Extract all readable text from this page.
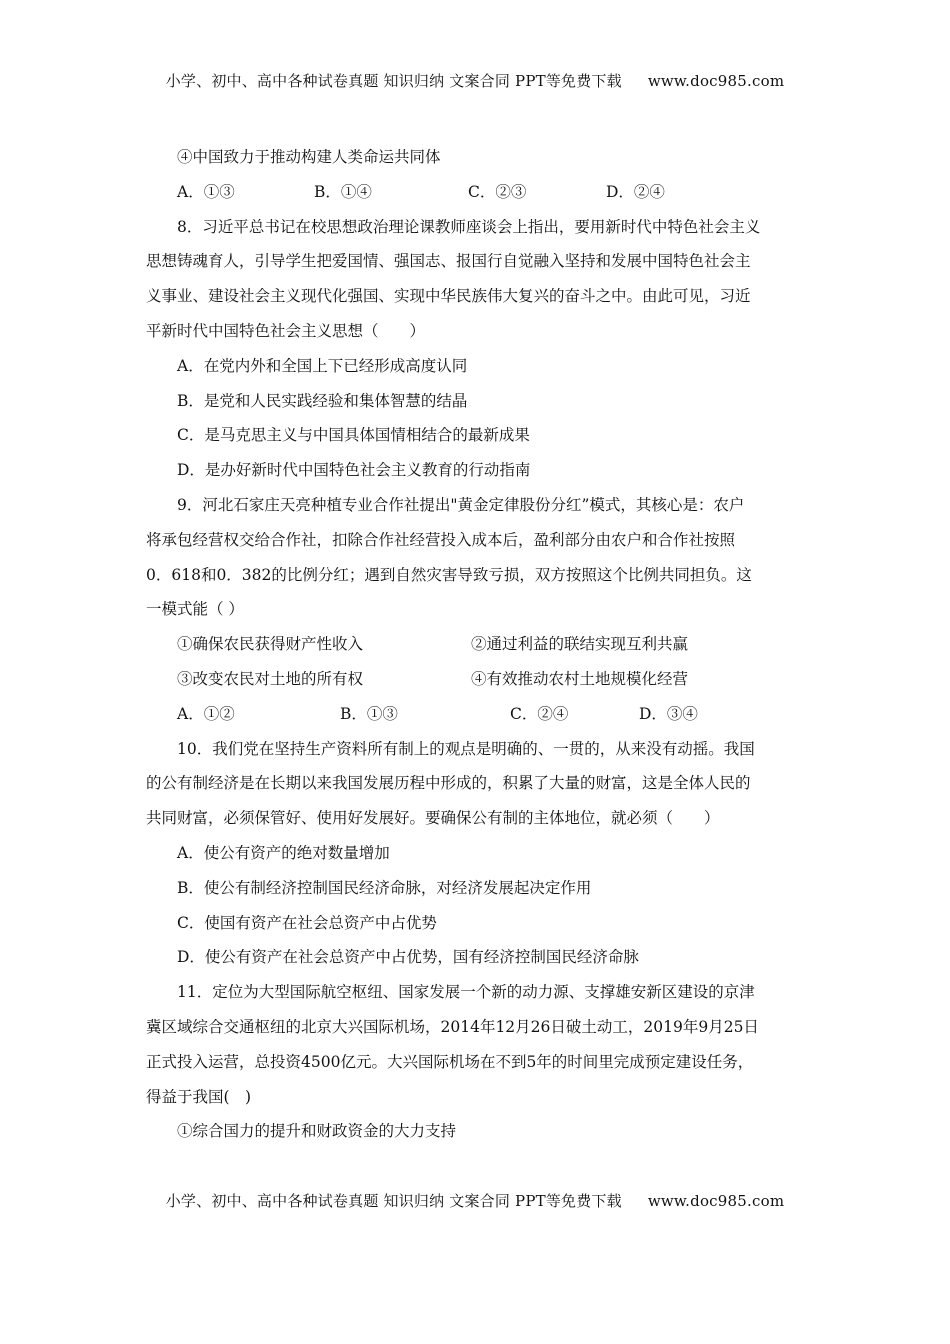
小学、初中、高中各种试卷真题 知识归纳 文案合同 PPT等免费下载 www.doc985.com
④中国致力于推动构建人类命运共同体
A．①③	B．①④	C．②③	D．②④
8．习近平总书记在校思想政治理论课教师座谈会上指出，要用新时代中特色社会主义
思想铸魂育人，引导学生把爱国情、强国志、报国行自觉融入坚持和发展中国特色社会主
义事业、建设社会主义现代化强国、实现中华民族伟大复兴的奋斗之中。由此可见，习近
平新时代中国特色社会主义思想（　　）
A．在党内外和全国上下已经形成高度认同
B．是党和人民实践经验和集体智慧的结晶
C．是马克思主义与中国具体国情相结合的最新成果
D．是办好新时代中国特色社会主义教育的行动指南
9．河北石家庄天亮种植专业合作社提出"黄金定律股份分红”模式，其核心是：农户
将承包经营权交给合作社，扣除合作社经营投入成本后，盈利部分由农户和合作社按照
0．618和0．382的比例分红；遇到自然灾害导致亏损，双方按照这个比例共同担负。这
一模式能（ ）
①确保农民获得财产性收入	②通过利益的联结实现互利共赢
③改变农民对土地的所有权	④有效推动农村土地规模化经营
A．①②	B．①③	C．②④	D．③④
10．我们党在坚持生产资料所有制上的观点是明确的、一贯的，从来没有动摇。我国
的公有制经济是在长期以来我国发展历程中形成的，积累了大量的财富，这是全体人民的
共同财富，必须保管好、使用好发展好。要确保公有制的主体地位，就必须（　　）
A．使公有资产的绝对数量增加
B．使公有制经济控制国民经济命脉，对经济发展起决定作用
C．使国有资产在社会总资产中占优势
D．使公有资产在社会总资产中占优势，国有经济控制国民经济命脉
11．定位为大型国际航空枢纽、国家发展一个新的动力源、支撑雄安新区建设的京津
冀区域综合交通枢纽的北京大兴国际机场，2014年12月26日破土动工，2019年9月25日
正式投入运营，总投资4500亿元。大兴国际机场在不到5年的时间里完成预定建设任务，
得益于我国(　)
①综合国力的提升和财政资金的大力支持
小学、初中、高中各种试卷真题 知识归纳 文案合同 PPT等免费下载 www.doc985.com
